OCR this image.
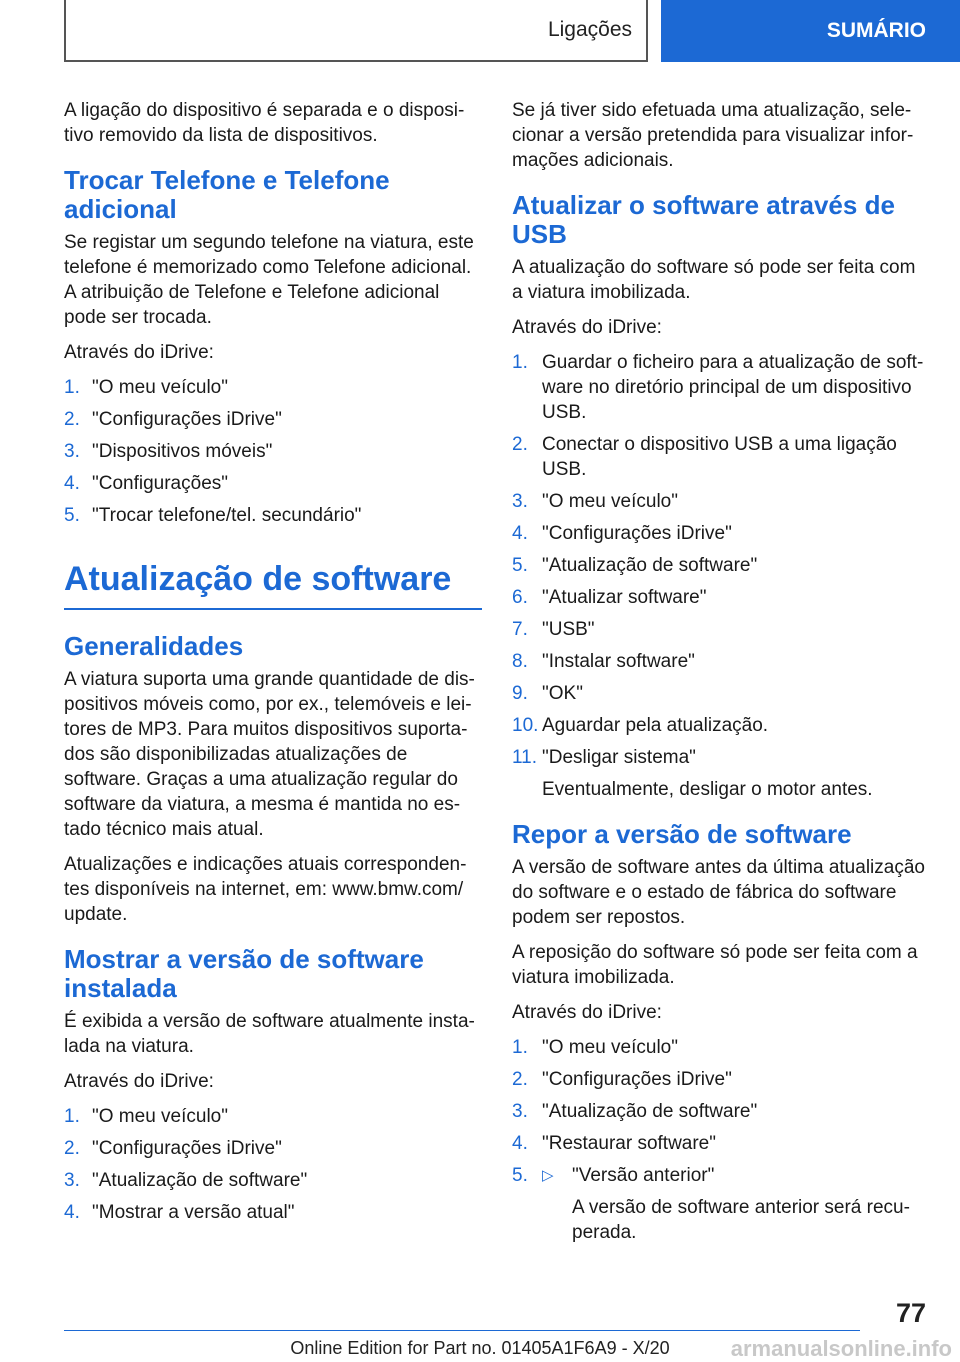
Ligações	SUMÁRIO

A ligação do dispositivo é separada e o disposi-tivo removido da lista de dispositivos.

Trocar Telefone e Telefone adicional

Se registar um segundo telefone na viatura, este telefone é memorizado como Telefone adicional. A atribuição de Telefone e Telefone adicional pode ser trocada.

Através do iDrive:

1. "O meu veículo"
2. "Configurações iDrive"
3. "Dispositivos móveis"
4. "Configurações"
5. "Trocar telefone/tel. secundário"
Atualização de software
Generalidades

A viatura suporta uma grande quantidade de dis-positivos móveis como, por ex., telemóveis e lei-tores de MP3. Para muitos dispositivos suporta-dos são disponibilizadas atualizações de software. Graças a uma atualização regular do software da viatura, a mesma é mantida no es-tado técnico mais atual.

Atualizações e indicações atuais corresponden-tes disponíveis na internet, em: www.bmw.com/ update.

Mostrar a versão de software instalada

É exibida a versão de software atualmente insta-lada na viatura.

Através do iDrive:

1. "O meu veículo"
2. "Configurações iDrive"
3. "Atualização de software"
4. "Mostrar a versão atual"

Se já tiver sido efetuada uma atualização, sele-cionar a versão pretendida para visualizar infor-mações adicionais.

Atualizar o software através de USB

A atualização do software só pode ser feita com a viatura imobilizada.

Através do iDrive:

1. Guardar o ficheiro para a atualização de soft-ware no diretório principal de um dispositivo USB.
2. Conectar o dispositivo USB a uma ligação USB.
3. "O meu veículo"
4. "Configurações iDrive"
5. "Atualização de software"
6. "Atualizar software"
7. "USB"
8. "Instalar software"
9. "OK"
10. Aguardar pela atualização.
11. "Desligar sistema"
Eventualmente, desligar o motor antes.
Repor a versão de software

A versão de software antes da última atualização do software e o estado de fábrica do software podem ser repostos.

A reposição do software só pode ser feita com a viatura imobilizada.

Através do iDrive:

1. "O meu veículo"
2. "Configurações iDrive"
3. "Atualização de software"
4. "Restaurar software"
5. ▷ "Versão anterior"
A versão de software anterior será recu-perada.
77
Online Edition for Part no. 01405A1F6A9 - X/20	armanualsonline.info
